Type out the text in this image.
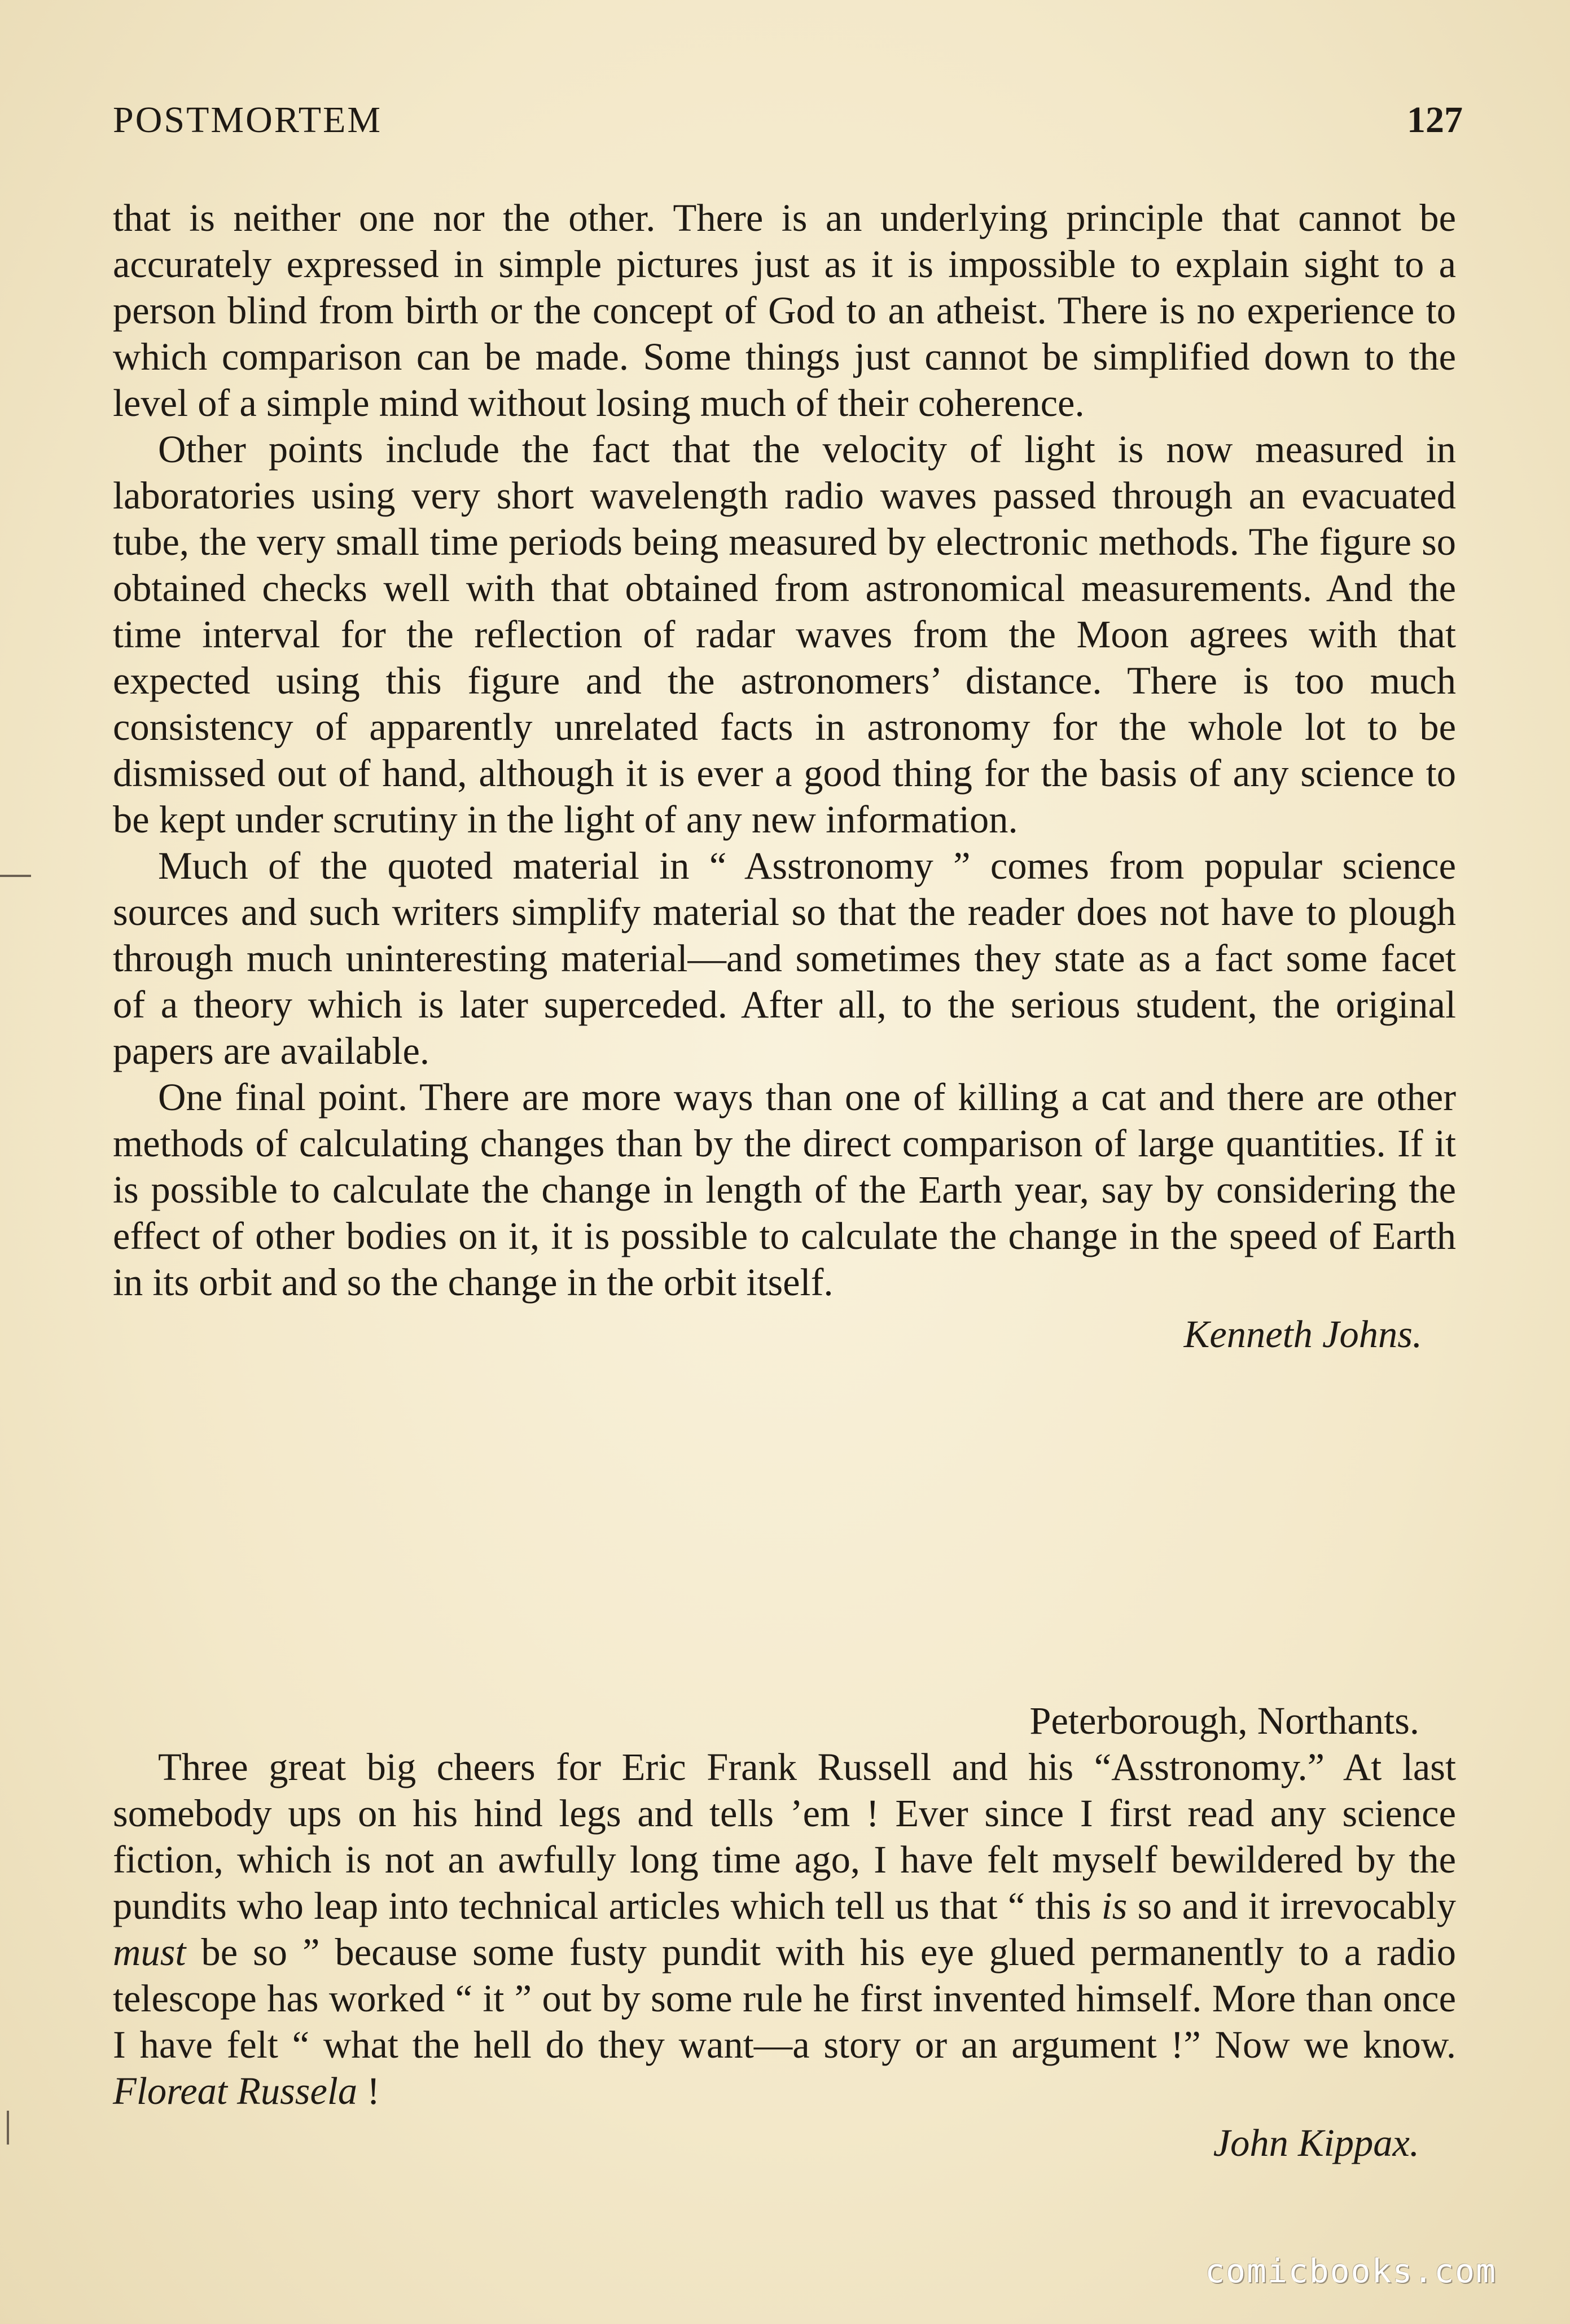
POSTMORTEM	127

that is neither one nor the other. There is an underlying principle that cannot be accurately expressed in simple pictures just as it is impossible to explain sight to a person blind from birth or the concept of God to an atheist. There is no experience to which comparison can be made. Some things just cannot be simplified down to the level of a simple mind without losing much of their coherence.

Other points include the fact that the velocity of light is now measured in laboratories using very short wavelength radio waves passed through an evacuated tube, the very small time periods being measured by electronic methods. The figure so obtained checks well with that obtained from astronomical measurements. And the time interval for the reflection of radar waves from the Moon agrees with that expected using this figure and the astronomers’ distance. There is too much consistency of apparently unrelated facts in astronomy for the whole lot to be dismissed out of hand, although it is ever a good thing for the basis of any science to be kept under scrutiny in the light of any new information.

Much of the quoted material in “ Asstronomy ” comes from popular science sources and such writers simplify material so that the reader does not have to plough through much uninteresting material—and sometimes they state as a fact some facet of a theory which is later superceded. After all, to the serious student, the original papers are available.

One final point. There are more ways than one of killing a cat and there are other methods of calculating changes than by the direct comparison of large quantities. If it is possible to calculate the change in length of the Earth year, say by considering the effect of other bodies on it, it is possible to calculate the change in the speed of Earth in its orbit and so the change in the orbit itself.

Kenneth Johns.

Peterborough, Northants.

Three great big cheers for Eric Frank Russell and his “Asstronomy.” At last somebody ups on his hind legs and tells ’em ! Ever since I first read any science fiction, which is not an awfully long time ago, I have felt myself bewildered by the pundits who leap into technical articles which tell us that “ this is so and it irrevocably must be so ” because some fusty pundit with his eye glued permanently to a radio telescope has worked “ it ” out by some rule he first invented himself. More than once I have felt “ what the hell do they want—a story or an argument !” Now we know. Floreat Russela !

John Kippax.

comicbooks.com
